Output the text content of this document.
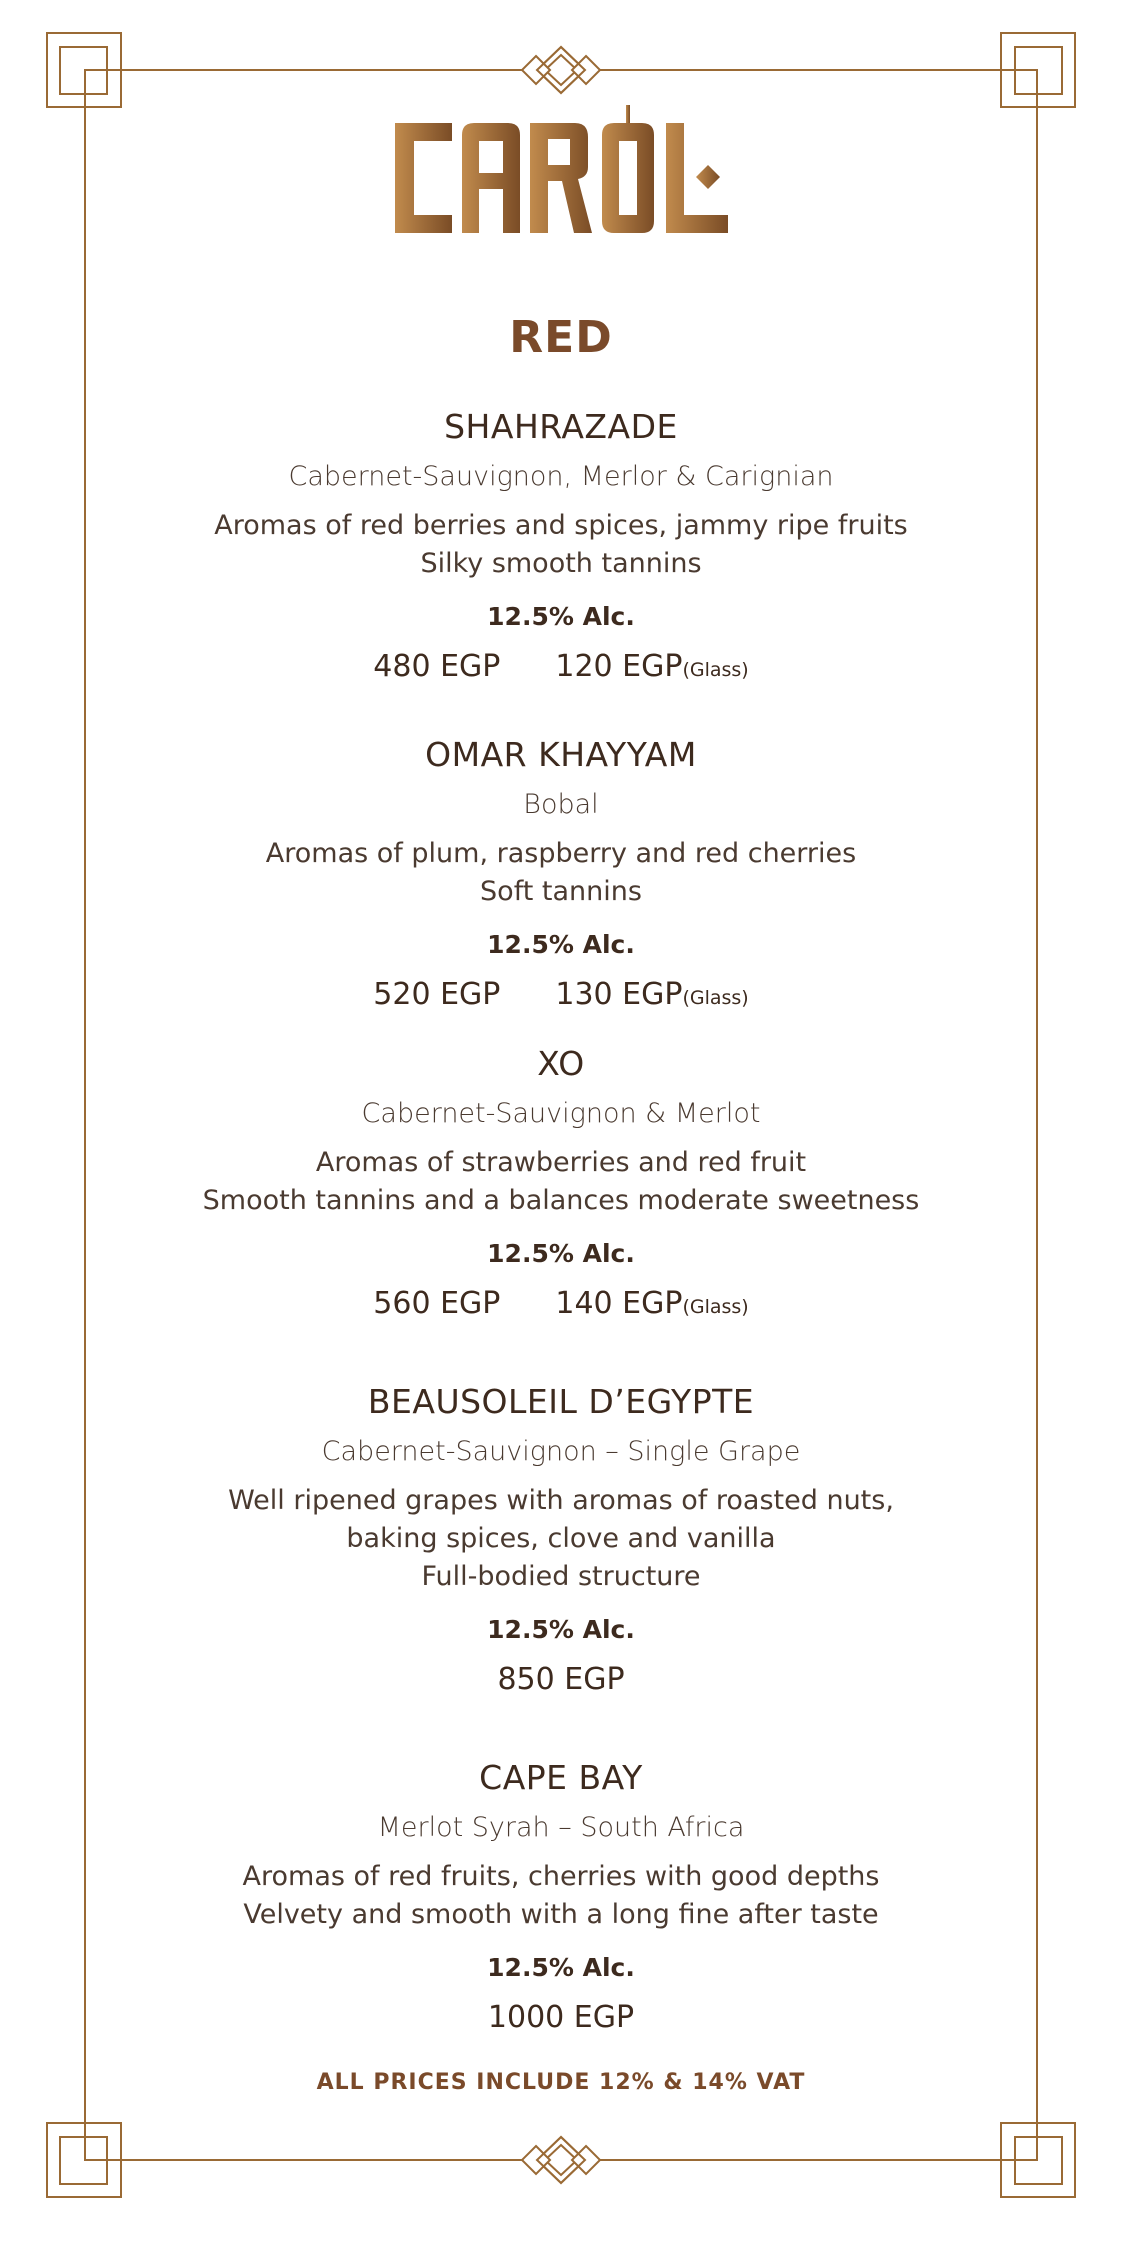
RED
SHAHRAZADE
Cabernet-Sauvignon, Merlor & Carignian
Aromas of red berries and spices, jammy ripe fruits
Silky smooth tannins
12.5% Alc.
480 EGP 120 EGP(Glass)
OMAR KHAYYAM
Bobal
Aromas of plum, raspberry and red cherries
Soft tannins
12.5% Alc.
520 EGP 130 EGP(Glass)
XO
Cabernet-Sauvignon & Merlot
Aromas of strawberries and red fruit
Smooth tannins and a balances moderate sweetness
12.5% Alc.
560 EGP 140 EGP(Glass)
BEAUSOLEIL D’EGYPTE
Cabernet-Sauvignon – Single Grape
Well ripened grapes with aromas of roasted nuts,
baking spices, clove and vanilla
Full-bodied structure
12.5% Alc.
850 EGP
CAPE BAY
Merlot Syrah – South Africa
Aromas of red fruits, cherries with good depths
Velvety and smooth with a long fine after taste
12.5% Alc.
1000 EGP
ALL PRICES INCLUDE 12% & 14% VAT
